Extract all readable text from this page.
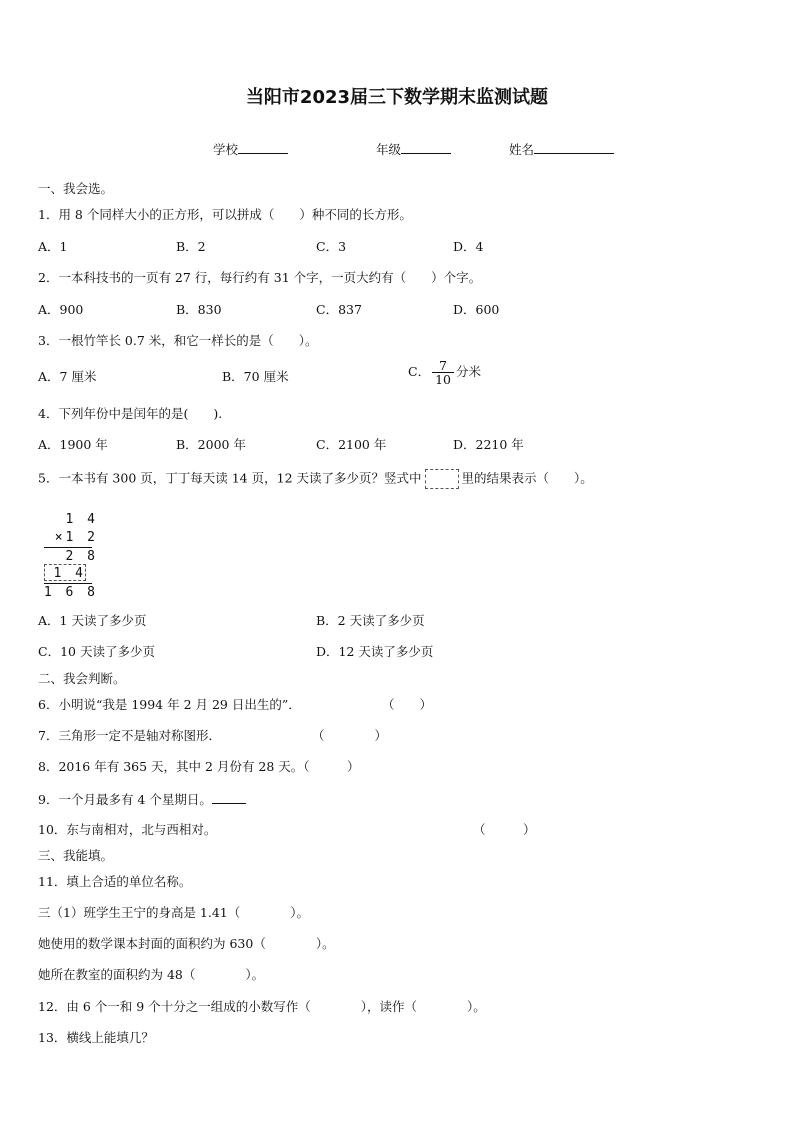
当阳市2023届三下数学期末监测试题
学校	年级	姓名
一、我会选。
1．用 8 个同样大小的正方形，可以拼成（　　）种不同的长方形。
A．1	B．2	C．3	D．4
2．一本科技书的一页有 27 行，每行约有 31 个字，一页大约有（　　）个字。
A．900	B．830	C．837	D．600
3．一根竹竿长 0.7 米，和它一样长的是（　　）。
A．7 厘米	B．70 厘米	C． $\frac{7}{10}$ 分米
4．下列年份中是闰年的是(　　).
A．1900 年	B．2000 年	C．2100 年	D．2210 年
5．一本书有 300 页，丁丁每天读 14 页，12 天读了多少页？竖式中	里的结果表示（　　）。
1 4
×1 2
2 8
1 4
1 6 8
A．1 天读了多少页	B．2 天读了多少页
C．10 天读了多少页	D．12 天读了多少页
二、我会判断。
6．小明说“我是 1994 年 2 月 29 日出生的”．	（　　）
7．三角形一定不是轴对称图形．	（　　　　）
8．2016 年有 365 天，其中 2 月份有 28 天。（　　　）
9．一个月最多有 4 个星期日。
10．东与南相对，北与西相对。	（　　　）
三、我能填。
11．填上合适的单位名称。
三（1）班学生王宁的身高是 1.41（　　　　）。
她使用的数学课本封面的面积约为 630（　　　　）。
她所在教室的面积约为 48（　　　　）。
12．由 6 个一和 9 个十分之一组成的小数写作（　　　　），读作（　　　　）。
13．横线上能填几？
